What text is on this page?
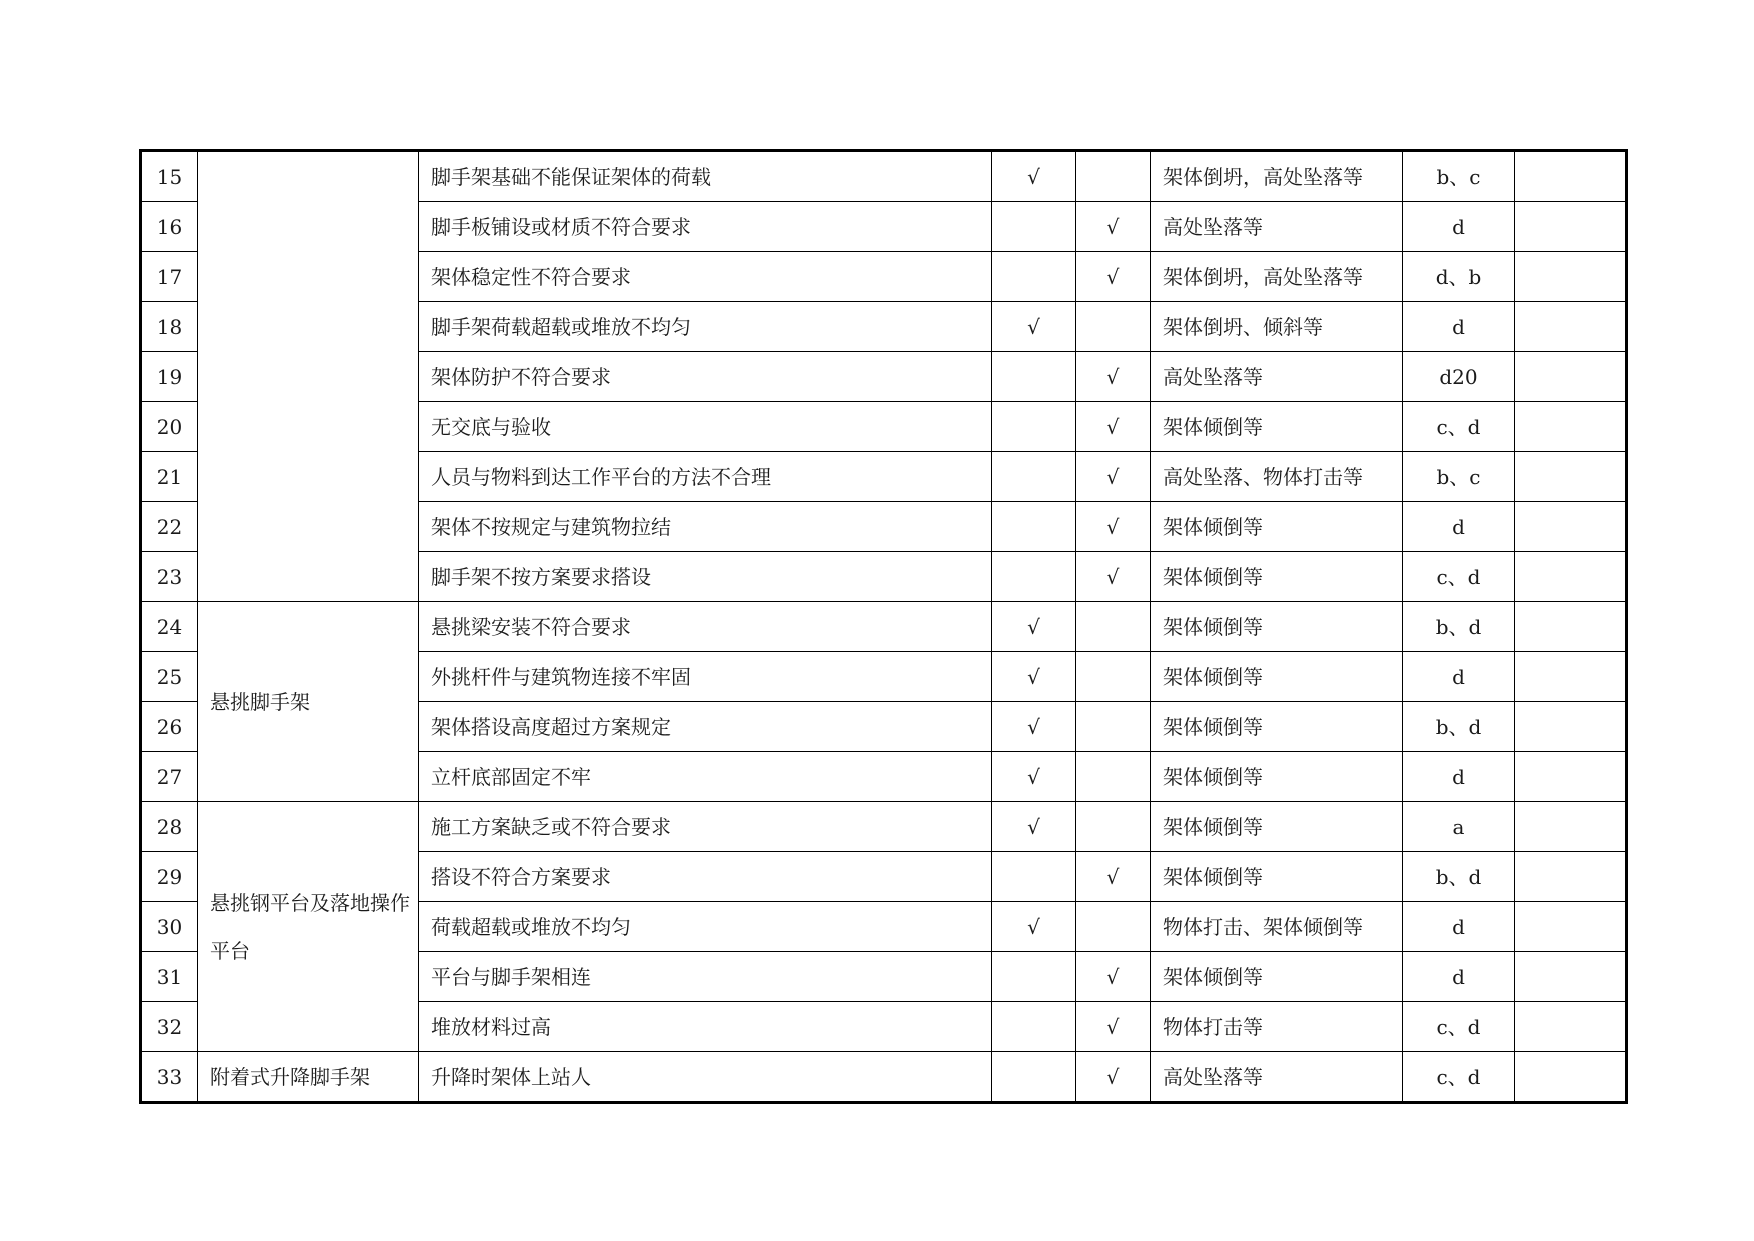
15		脚手架基础不能保证架体的荷载	√		架体倒坍，高处坠落等	b、c	
16		脚手板铺设或材质不符合要求		√	高处坠落等	d	
17		架体稳定性不符合要求		√	架体倒坍，高处坠落等	d、b	
18		脚手架荷载超载或堆放不均匀	√		架体倒坍、倾斜等	d	
19		架体防护不符合要求		√	高处坠落等	d20	
20		无交底与验收		√	架体倾倒等	c、d	
21		人员与物料到达工作平台的方法不合理		√	高处坠落、物体打击等	b、c	
22		架体不按规定与建筑物拉结		√	架体倾倒等	d	
23		脚手架不按方案要求搭设		√	架体倾倒等	c、d	
24	悬挑脚手架	悬挑梁安装不符合要求	√		架体倾倒等	b、d	
25		外挑杆件与建筑物连接不牢固	√		架体倾倒等	d	
26		架体搭设高度超过方案规定	√		架体倾倒等	b、d	
27		立杆底部固定不牢	√		架体倾倒等	d	
28	悬挑钢平台及落地操作平台	施工方案缺乏或不符合要求	√		架体倾倒等	a	
29		搭设不符合方案要求		√	架体倾倒等	b、d	
30		荷载超载或堆放不均匀	√		物体打击、架体倾倒等	d	
31		平台与脚手架相连		√	架体倾倒等	d	
32		堆放材料过高		√	物体打击等	c、d	
33	附着式升降脚手架	升降时架体上站人		√	高处坠落等	c、d	
